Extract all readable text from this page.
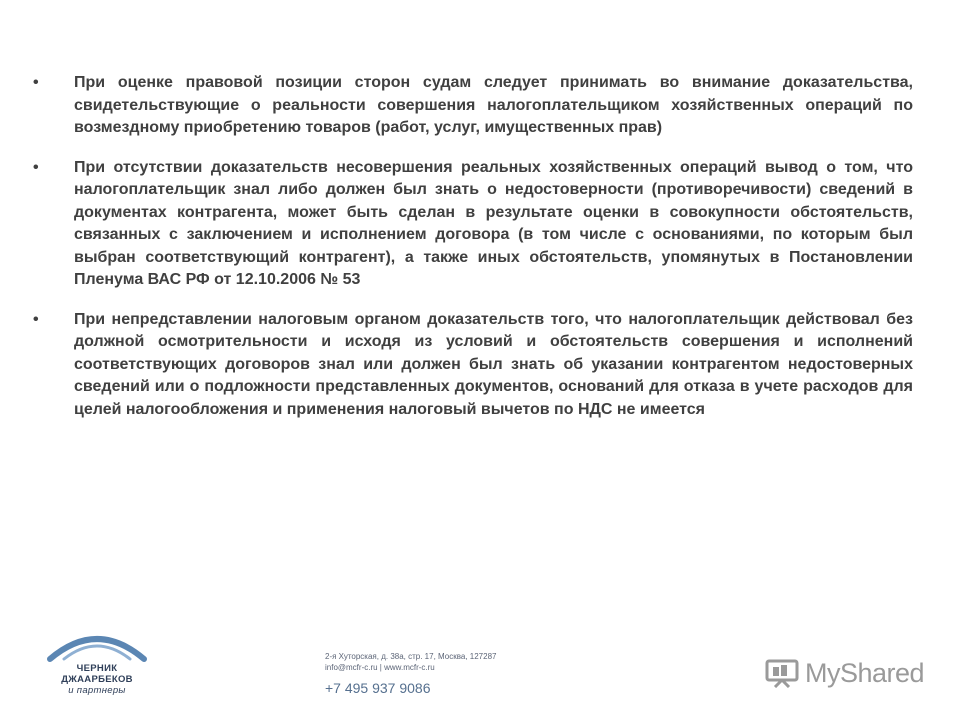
•	При оценке правовой позиции сторон судам следует принимать во внимание доказательства, свидетельствующие о реальности совершения налогоплательщиком хозяйственных операций по возмездному приобретению товаров (работ, услуг, имущественных прав)
•	При отсутствии доказательств несовершения реальных хозяйственных операций вывод о том, что налогоплательщик знал либо должен был знать о недостоверности (противоречивости) сведений в документах контрагента, может быть сделан в результате оценки в совокупности обстоятельств, связанных с заключением и исполнением договора (в том числе с основаниями, по которым был выбран соответствующий контрагент), а также иных обстоятельств, упомянутых в Постановлении Пленума ВАС РФ от 12.10.2006 № 53
•	При непредставлении налоговым органом доказательств того, что налогоплательщик действовал без должной осмотрительности и исходя из условий и обстоятельств совершения и исполнений соответствующих договоров знал или должен был знать об указании контрагентом недостоверных сведений или о подложности представленных документов, оснований для отказа в учете расходов для целей налогообложения и применения налоговый вычетов по НДС не имеется
ЧЕРНИК
ДЖААРБЕКОВ
и партнеры
2-я Хуторская, д. 38а, стр. 17, Москва, 127287
info@mcfr-c.ru | www.mcfr-c.ru
+7 495 937 9086
MyShared
